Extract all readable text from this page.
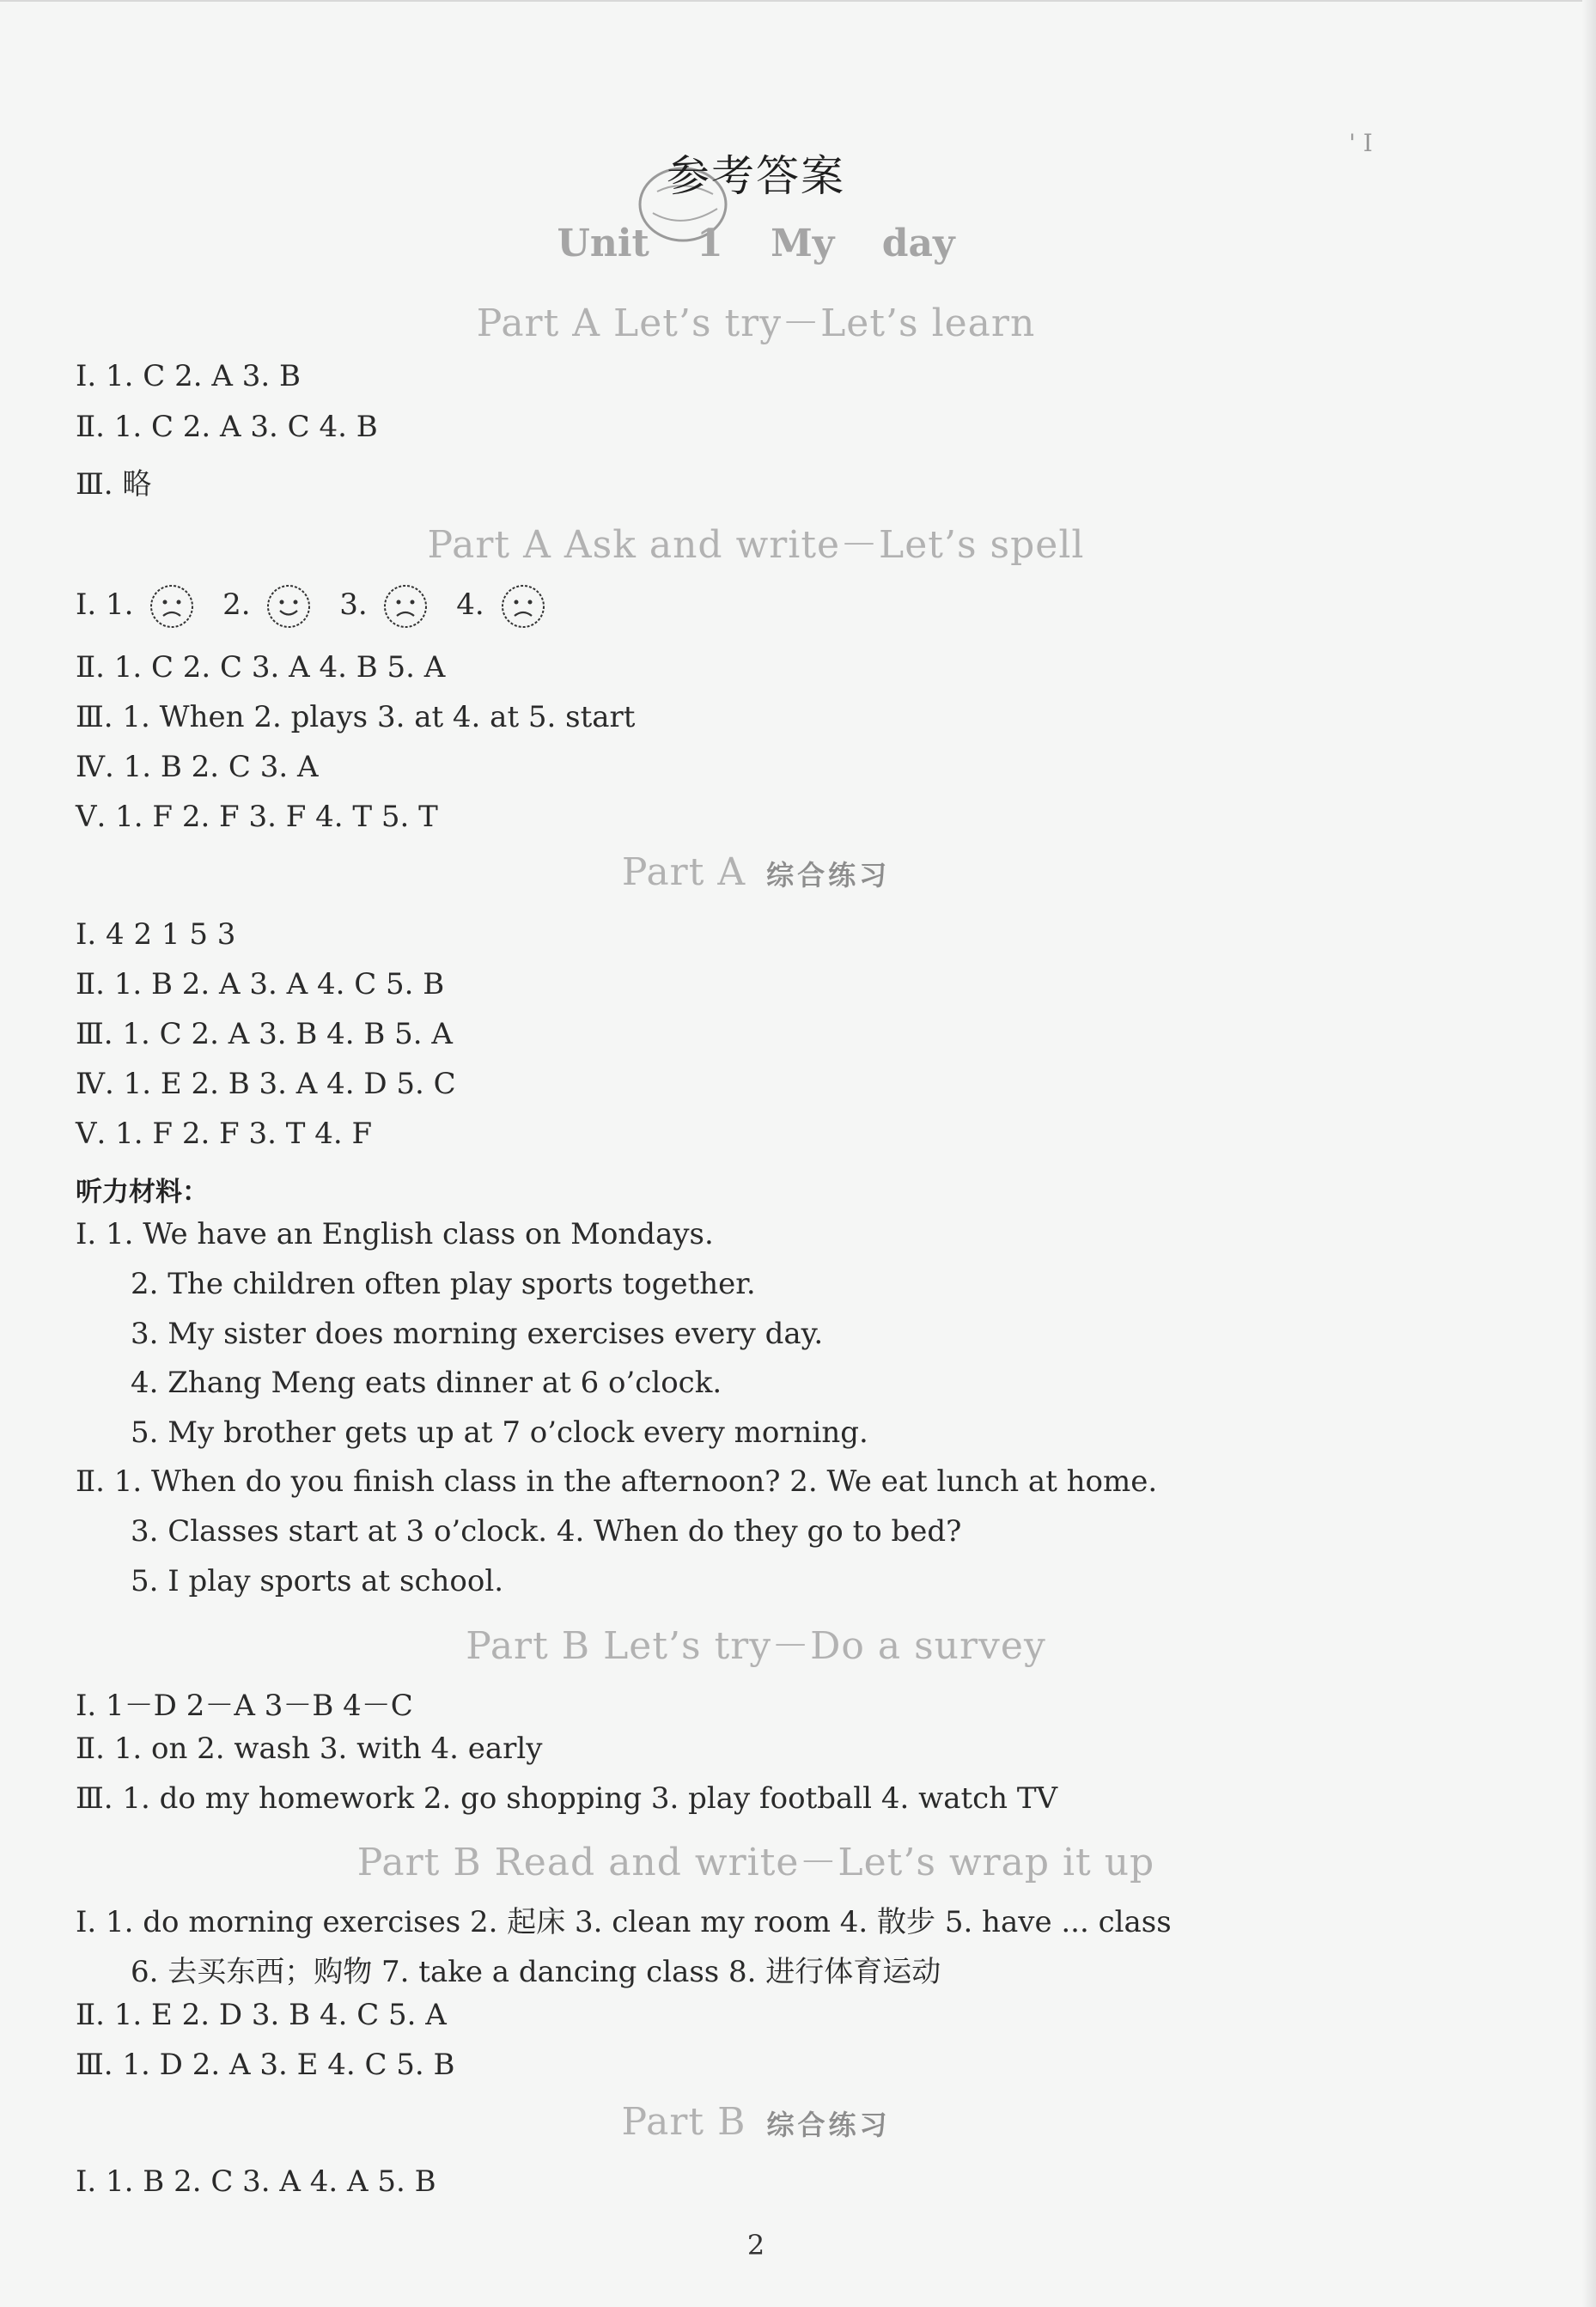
' I
参考答案
Unit 1 My day
Part A Let’s try－Let’s learn
Ⅰ. 1. C 2. A 3. B
Ⅱ. 1. C 2. A 3. C 4. B
Ⅲ. 略
Part A Ask and write－Let’s spell
Ⅰ. 1.	2.	3.	4.
Ⅱ. 1. C 2. C 3. A 4. B 5. A
Ⅲ. 1. When 2. plays 3. at 4. at 5. start
Ⅳ. 1. B 2. C 3. A
Ⅴ. 1. F 2. F 3. F 4. T 5. T
Part A 综合练习
Ⅰ. 4 2 1 5 3
Ⅱ. 1. B 2. A 3. A 4. C 5. B
Ⅲ. 1. C 2. A 3. B 4. B 5. A
Ⅳ. 1. E 2. B 3. A 4. D 5. C
Ⅴ. 1. F 2. F 3. T 4. F
听力材料：
Ⅰ. 1. We have an English class on Mondays.
2. The children often play sports together.
3. My sister does morning exercises every day.
4. Zhang Meng eats dinner at 6 o’clock.
5. My brother gets up at 7 o’clock every morning.
Ⅱ. 1. When do you finish class in the afternoon? 2. We eat lunch at home.
3. Classes start at 3 o’clock. 4. When do they go to bed?
5. I play sports at school.
Part B Let’s try－Do a survey
Ⅰ. 1－D 2－A 3－B 4－C
Ⅱ. 1. on 2. wash 3. with 4. early
Ⅲ. 1. do my homework 2. go shopping 3. play football 4. watch TV
Part B Read and write－Let’s wrap it up
Ⅰ. 1. do morning exercises 2. 起床 3. clean my room 4. 散步 5. have ... class
6. 去买东西；购物 7. take a dancing class 8. 进行体育运动
Ⅱ. 1. E 2. D 3. B 4. C 5. A
Ⅲ. 1. D 2. A 3. E 4. C 5. B
Part B 综合练习
Ⅰ. 1. B 2. C 3. A 4. A 5. B
2
